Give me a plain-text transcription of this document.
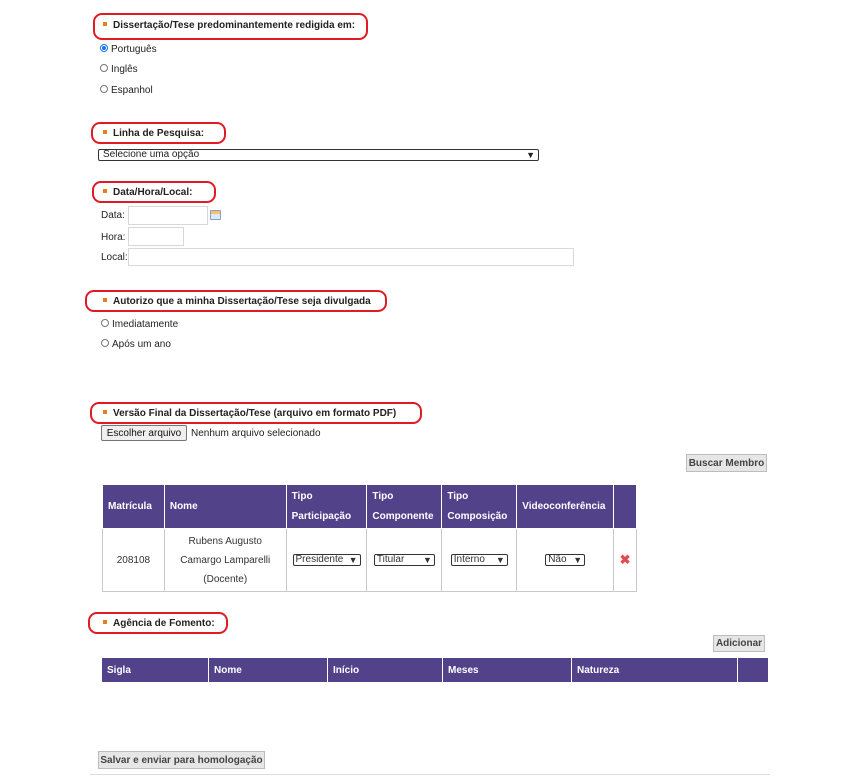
Dissertação/Tese predominantemente redigida em:
Português
Inglês
Espanhol
Linha de Pesquisa:
Selecione uma opção	▼
Data/Hora/Local:
Data:
Hora:
Local:
Autorizo que a minha Dissertação/Tese seja divulgada
Imediatamente
Após um ano
Versão Final da Dissertação/Tese (arquivo em formato PDF)
Escolher arquivo Nenhum arquivo selecionado
Buscar Membro
Matrícula	Nome	Tipo Participação	Tipo Componente	Tipo Composição	Videoconferência	
208108	Rubens Augusto Camargo Lamparelli (Docente)	Presidente ▼	Titular ▼	Interno ▼	Não ▼	✖
Agência de Fomento:
Adicionar
Sigla	Nome	Início	Meses	Natureza	
Salvar e enviar para homologação
